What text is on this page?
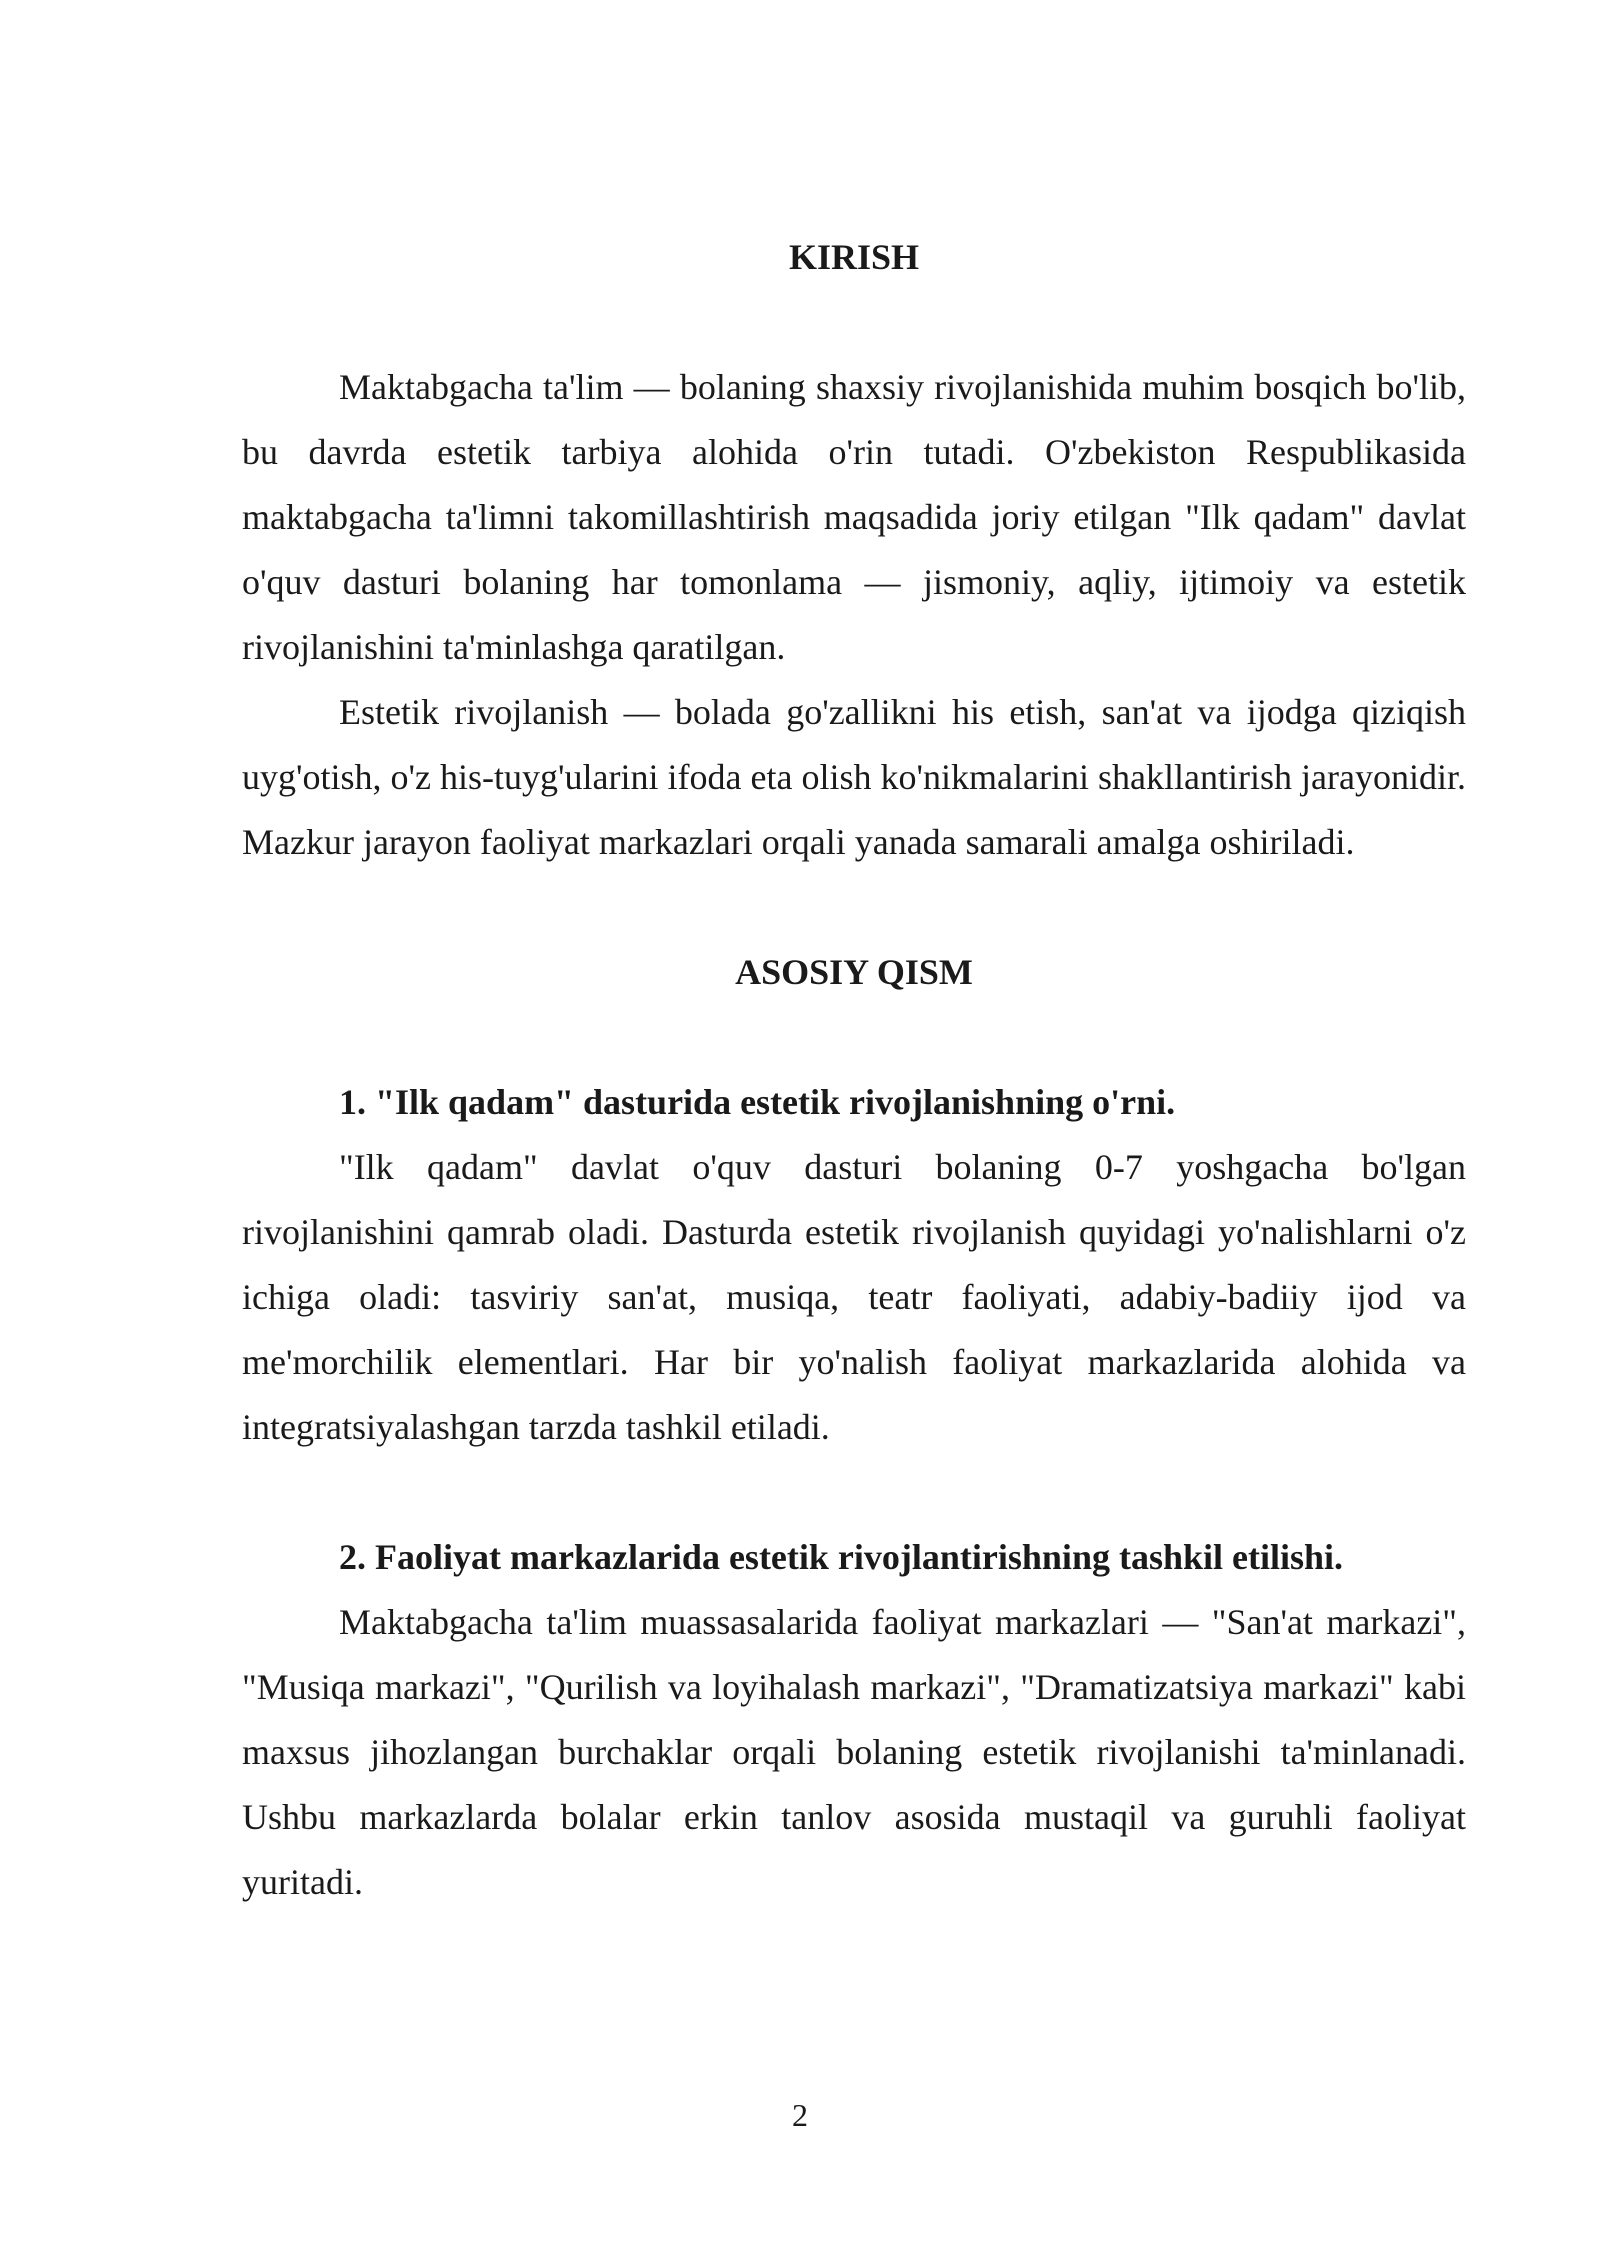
KIRISH

Maktabgacha ta'lim — bolaning shaxsiy rivojlanishida muhim bosqich bo'lib, bu davrda estetik tarbiya alohida o'rin tutadi. O'zbekiston Respublikasida maktabgacha ta'limni takomillashtirish maqsadida joriy etilgan "Ilk qadam" davlat o'quv dasturi bolaning har tomonlama — jismoniy, aqliy, ijtimoiy va estetik rivojlanishini ta'minlashga qaratilgan.

Estetik rivojlanish — bolada go'zallikni his etish, san'at va ijodga qiziqish uyg'otish, o'z his-tuyg'ularini ifoda eta olish ko'nikmalarini shakllantirish jarayonidir. Mazkur jarayon faoliyat markazlari orqali yanada samarali amalga oshiriladi.

ASOSIY QISM
1. "Ilk qadam" dasturida estetik rivojlanishning o'rni.

"Ilk qadam" davlat o'quv dasturi bolaning 0-7 yoshgacha bo'lgan rivojlanishini qamrab oladi. Dasturda estetik rivojlanish quyidagi yo'nalishlarni o'z ichiga oladi: tasviriy san'at, musiqa, teatr faoliyati, adabiy-badiiy ijod va me'morchilik elementlari. Har bir yo'nalish faoliyat markazlarida alohida va integratsiyalashgan tarzda tashkil etiladi.

2. Faoliyat markazlarida estetik rivojlantirishning tashkil etilishi.

Maktabgacha ta'lim muassasalarida faoliyat markazlari — "San'at markazi", "Musiqa markazi", "Qurilish va loyihalash markazi", "Dramatizatsiya markazi" kabi maxsus jihozlangan burchaklar orqali bolaning estetik rivojlanishi ta'minlanadi. Ushbu markazlarda bolalar erkin tanlov asosida mustaqil va guruhli faoliyat yuritadi.

2
